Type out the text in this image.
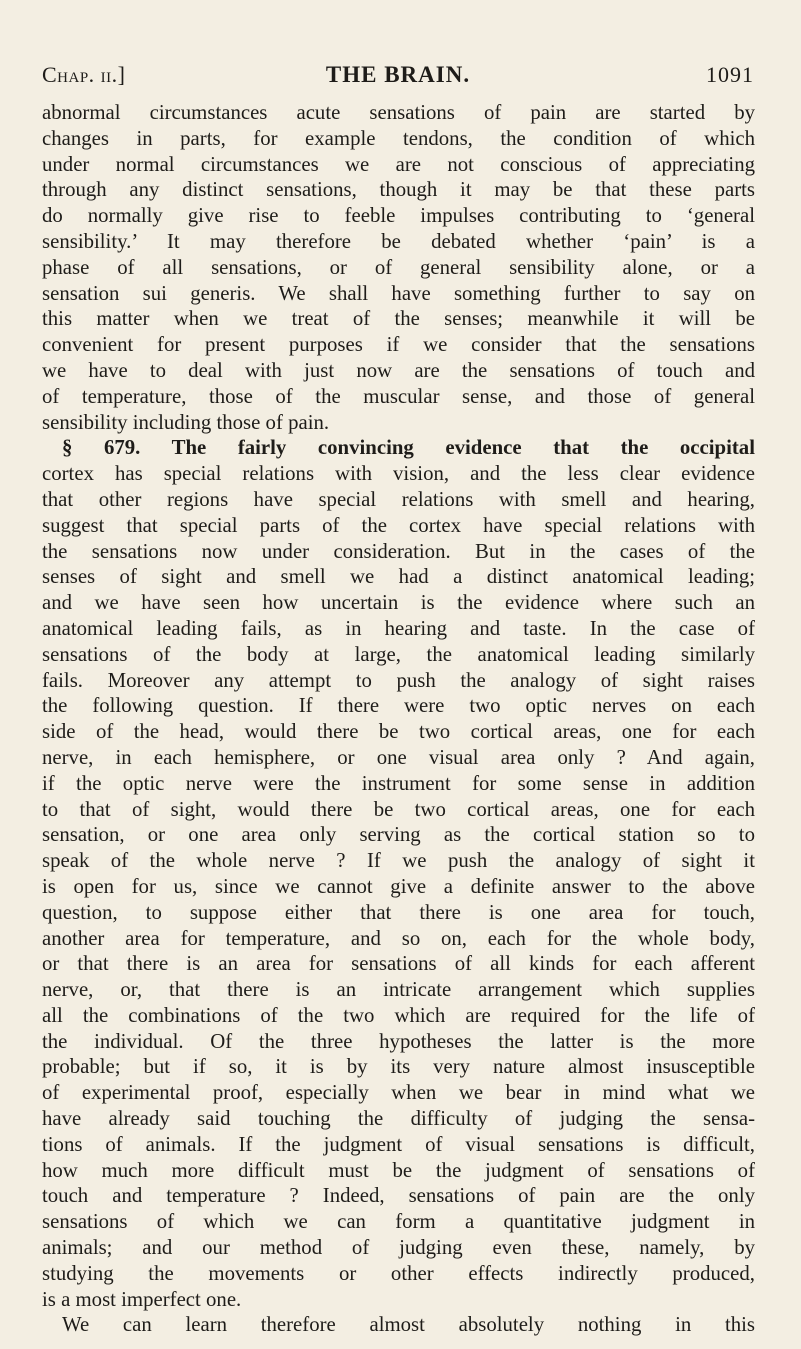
Chap. ii.]	THE BRAIN.	1091
abnormal circumstances acute sensations of pain are started by
changes in parts, for example tendons, the condition of which
under normal circumstances we are not conscious of appreciating
through any distinct sensations, though it may be that these parts
do normally give rise to feeble impulses contributing to ‘general
sensibility.’ It may therefore be debated whether ‘pain’ is a
phase of all sensations, or of general sensibility alone, or a
sensation sui generis. We shall have something further to say on
this matter when we treat of the senses; meanwhile it will be
convenient for present purposes if we consider that the sensations
we have to deal with just now are the sensations of touch and
of temperature, those of the muscular sense, and those of general
sensibility including those of pain.
§ 679. The fairly convincing evidence that the occipital
cortex has special relations with vision, and the less clear evidence
that other regions have special relations with smell and hearing,
suggest that special parts of the cortex have special relations with
the sensations now under consideration. But in the cases of the
senses of sight and smell we had a distinct anatomical leading;
and we have seen how uncertain is the evidence where such an
anatomical leading fails, as in hearing and taste. In the case of
sensations of the body at large, the anatomical leading similarly
fails. Moreover any attempt to push the analogy of sight raises
the following question. If there were two optic nerves on each
side of the head, would there be two cortical areas, one for each
nerve, in each hemisphere, or one visual area only ? And again,
if the optic nerve were the instrument for some sense in addition
to that of sight, would there be two cortical areas, one for each
sensation, or one area only serving as the cortical station so to
speak of the whole nerve ? If we push the analogy of sight it
is open for us, since we cannot give a definite answer to the above
question, to suppose either that there is one area for touch,
another area for temperature, and so on, each for the whole body,
or that there is an area for sensations of all kinds for each afferent
nerve, or, that there is an intricate arrangement which supplies
all the combinations of the two which are required for the life of
the individual. Of the three hypotheses the latter is the more
probable; but if so, it is by its very nature almost insusceptible
of experimental proof, especially when we bear in mind what we
have already said touching the difficulty of judging the sensa-
tions of animals. If the judgment of visual sensations is difficult,
how much more difficult must be the judgment of sensations of
touch and temperature ? Indeed, sensations of pain are the only
sensations of which we can form a quantitative judgment in
animals; and our method of judging even these, namely, by
studying the movements or other effects indirectly produced,
is a most imperfect one.
We can learn therefore almost absolutely nothing in this
